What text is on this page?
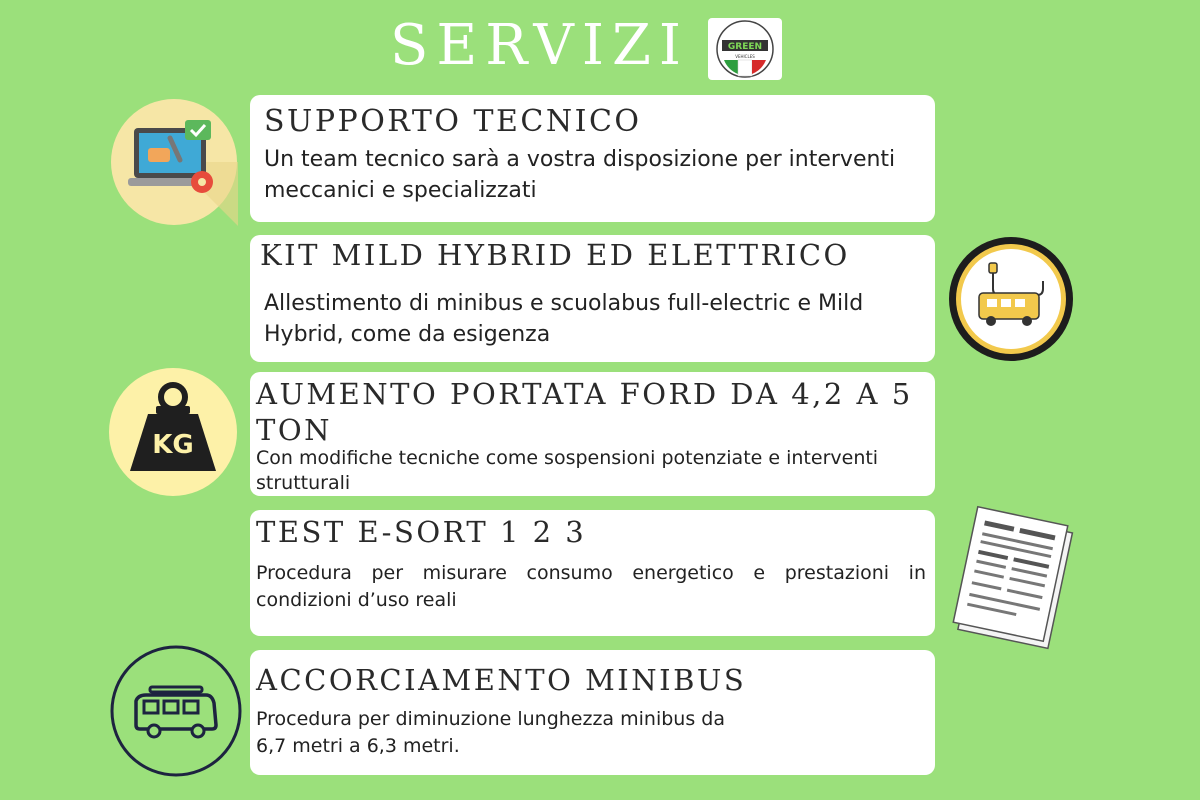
SERVIZI	GREEN
VEHICLES
SUPPORTO TECNICO

Un team tecnico sarà a vostra disposizione per interventi meccanici e specializzati

KIT MILD HYBRID ED ELETTRICO

Allestimento di minibus e scuolabus full-electric e Mild Hybrid, come da esigenza

KG
AUMENTO PORTATA FORD DA 4,2 A 5 TON

Con modifiche tecniche come sospensioni potenziate e interventi strutturali

TEST E-SORT 1 2 3

Procedura per misurare consumo energetico e prestazioni in condizioni d’uso reali

ACCORCIAMENTO MINIBUS

Procedura per diminuzione lunghezza minibus da 6,7 metri a 6,3 metri.
